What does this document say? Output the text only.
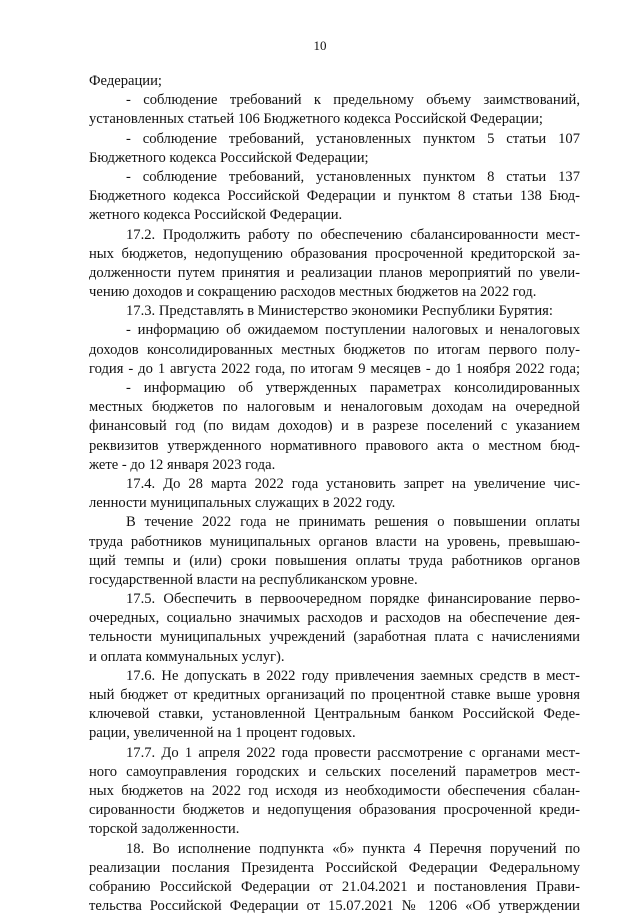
10
Федерации;
- соблюдение требований к предельному объему заимствований,
установленных статьей 106 Бюджетного кодекса Российской Федерации;
- соблюдение требований, установленных пунктом 5 статьи 107
Бюджетного кодекса Российской Федерации;
- соблюдение требований, установленных пунктом 8 статьи 137
Бюджетного кодекса Российской Федерации и пунктом 8 статьи 138 Бюд-
жетного кодекса Российской Федерации.
17.2. Продолжить работу по обеспечению сбалансированности мест-
ных бюджетов, недопущению образования просроченной кредиторской за-
долженности путем принятия и реализации планов мероприятий по увели-
чению доходов и сокращению расходов местных бюджетов на 2022 год.
17.3. Представлять в Министерство экономики Республики Бурятия:
- информацию об ожидаемом поступлении налоговых и неналоговых
доходов консолидированных местных бюджетов по итогам первого полу-
годия - до 1 августа 2022 года, по итогам 9 месяцев - до 1 ноября 2022 года;
- информацию об утвержденных параметрах консолидированных
местных бюджетов по налоговым и неналоговым доходам на очередной
финансовый год (по видам доходов) и в разрезе поселений с указанием
реквизитов утвержденного нормативного правового акта о местном бюд-
жете - до 12 января 2023 года.
17.4. До 28 марта 2022 года установить запрет на увеличение чис-
ленности муниципальных служащих в 2022 году.
В течение 2022 года не принимать решения о повышении оплаты
труда работников муниципальных органов власти на уровень, превышаю-
щий темпы и (или) сроки повышения оплаты труда работников органов
государственной власти на республиканском уровне.
17.5. Обеспечить в первоочередном порядке финансирование перво-
очередных, социально значимых расходов и расходов на обеспечение дея-
тельности муниципальных учреждений (заработная плата с начислениями
и оплата коммунальных услуг).
17.6. Не допускать в 2022 году привлечения заемных средств в мест-
ный бюджет от кредитных организаций по процентной ставке выше уровня
ключевой ставки, установленной Центральным банком Российской Феде-
рации, увеличенной на 1 процент годовых.
17.7. До 1 апреля 2022 года провести рассмотрение с органами мест-
ного самоуправления городских и сельских поселений параметров мест-
ных бюджетов на 2022 год исходя из необходимости обеспечения сбалан-
сированности бюджетов и недопущения образования просроченной креди-
торской задолженности.
18. Во исполнение подпункта «б» пункта 4 Перечня поручений по
реализации послания Президента Российской Федерации Федеральному
собранию Российской Федерации от 21.04.2021 и постановления Прави-
тельства Российской Федерации от 15.07.2021 № 1206 «Об утверждении
